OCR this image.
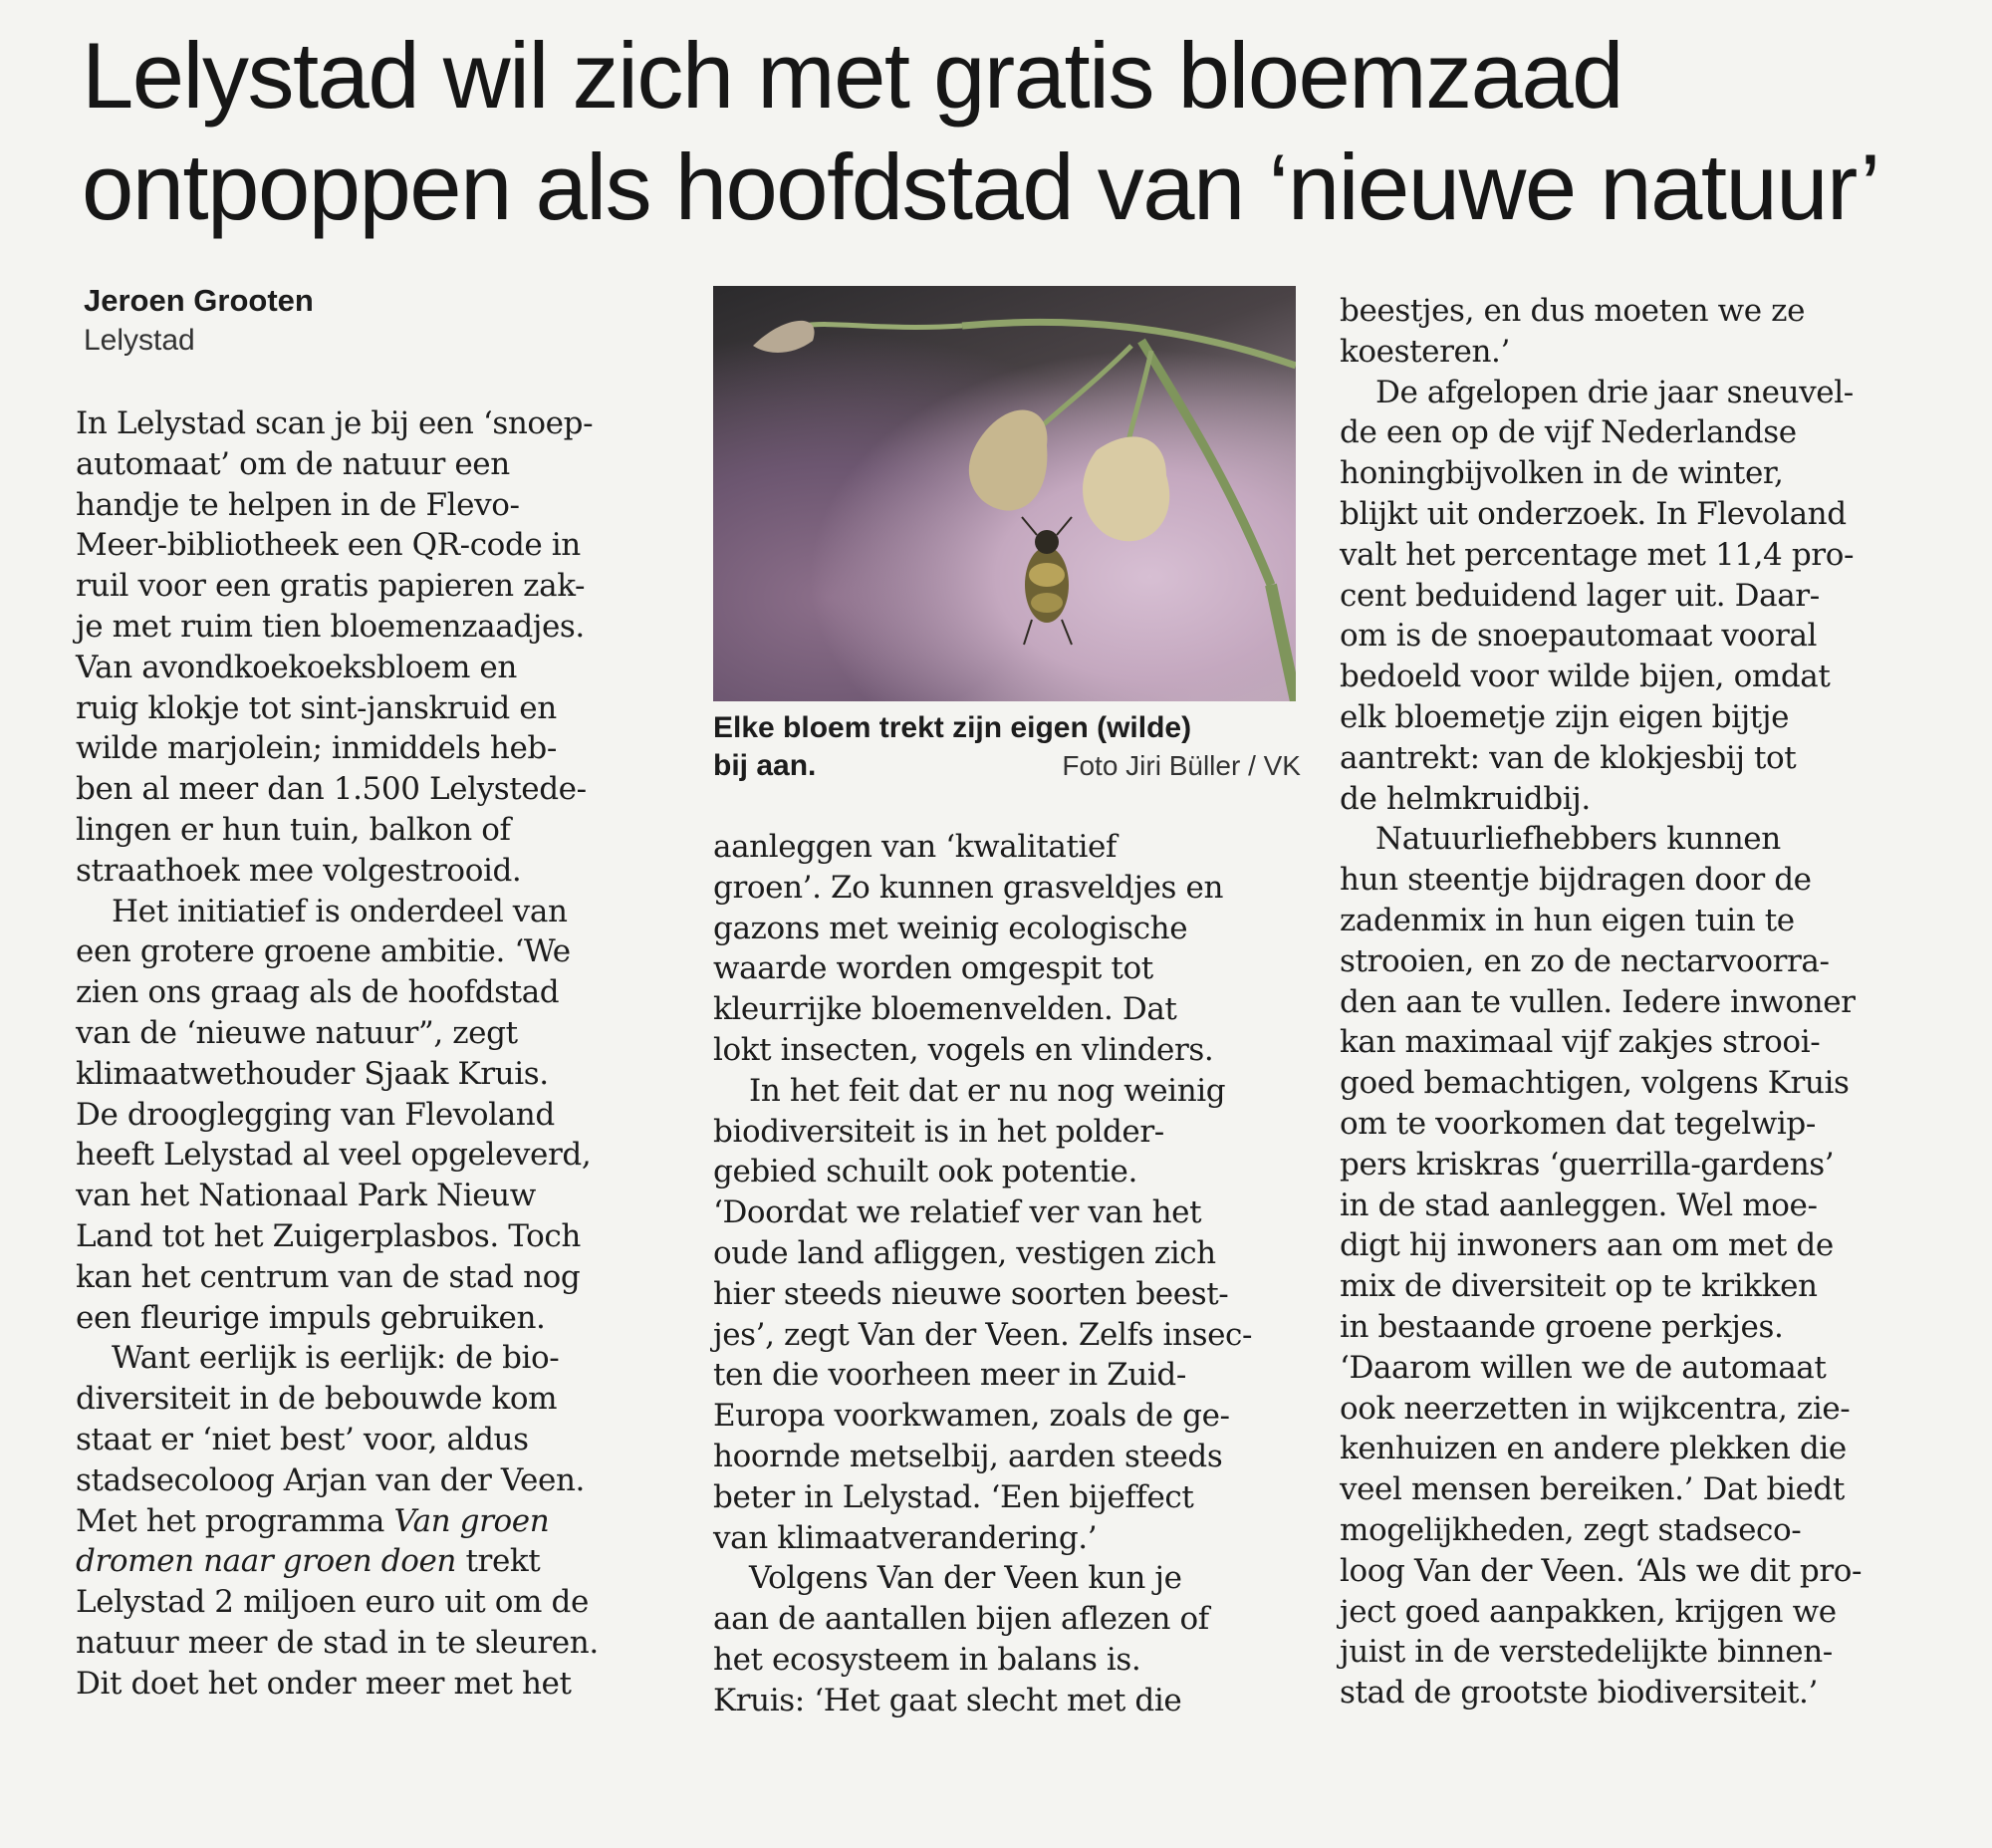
Lelystad wil zich met gratis bloemzaad
ontpoppen als hoofdstad van ‘nieuwe natuur’
Jeroen Grooten
Lelystad
In Lelystad scan je bij een ‘snoep-
automaat’ om de natuur een
handje te helpen in de Flevo-
Meer-bibliotheek een QR-code in
ruil voor een gratis papieren zak-
je met ruim tien bloemenzaadjes.
Van avondkoekoeksbloem en
ruig klokje tot sint-janskruid en
wilde marjolein; inmiddels heb-
ben al meer dan 1.500 Lelystede-
lingen er hun tuin, balkon of
straathoek mee volgestrooid.
Het initiatief is onderdeel van
een grotere groene ambitie. ‘We
zien ons graag als de hoofdstad
van de ‘nieuwe natuur”, zegt
klimaatwethouder Sjaak Kruis.
De drooglegging van Flevoland
heeft Lelystad al veel opgeleverd,
van het Nationaal Park Nieuw
Land tot het Zuigerplasbos. Toch
kan het centrum van de stad nog
een fleurige impuls gebruiken.
Want eerlijk is eerlijk: de bio-
diversiteit in de bebouwde kom
staat er ‘niet best’ voor, aldus
stadsecoloog Arjan van der Veen.
Met het programma Van groen
dromen naar groen doen trekt
Lelystad 2 miljoen euro uit om de
natuur meer de stad in te sleuren.
Dit doet het onder meer met het
Elke bloem trekt zijn eigen (wilde)
bij aan.	Foto Jiri Büller / VK
aanleggen van ‘kwalitatief
groen’. Zo kunnen grasveldjes en
gazons met weinig ecologische
waarde worden omgespit tot
kleurrijke bloemenvelden. Dat
lokt insecten, vogels en vlinders.
In het feit dat er nu nog weinig
biodiversiteit is in het polder-
gebied schuilt ook potentie.
‘Doordat we relatief ver van het
oude land afliggen, vestigen zich
hier steeds nieuwe soorten beest-
jes’, zegt Van der Veen. Zelfs insec-
ten die voorheen meer in Zuid-
Europa voorkwamen, zoals de ge-
hoornde metselbij, aarden steeds
beter in Lelystad. ‘Een bijeffect
van klimaatverandering.’
Volgens Van der Veen kun je
aan de aantallen bijen aflezen of
het ecosysteem in balans is.
Kruis: ‘Het gaat slecht met die
beestjes, en dus moeten we ze
koesteren.’
De afgelopen drie jaar sneuvel-
de een op de vijf Nederlandse
honingbijvolken in de winter,
blijkt uit onderzoek. In Flevoland
valt het percentage met 11,4 pro-
cent beduidend lager uit. Daar-
om is de snoepautomaat vooral
bedoeld voor wilde bijen, omdat
elk bloemetje zijn eigen bijtje
aantrekt: van de klokjesbij tot
de helmkruidbij.
Natuurliefhebbers kunnen
hun steentje bijdragen door de
zadenmix in hun eigen tuin te
strooien, en zo de nectarvoorra-
den aan te vullen. Iedere inwoner
kan maximaal vijf zakjes strooi-
goed bemachtigen, volgens Kruis
om te voorkomen dat tegelwip-
pers kriskras ‘guerrilla-gardens’
in de stad aanleggen. Wel moe-
digt hij inwoners aan om met de
mix de diversiteit op te krikken
in bestaande groene perkjes.
‘Daarom willen we de automaat
ook neerzetten in wijkcentra, zie-
kenhuizen en andere plekken die
veel mensen bereiken.’ Dat biedt
mogelijkheden, zegt stadseco-
loog Van der Veen. ‘Als we dit pro-
ject goed aanpakken, krijgen we
juist in de verstedelijkte binnen-
stad de grootste biodiversiteit.’
